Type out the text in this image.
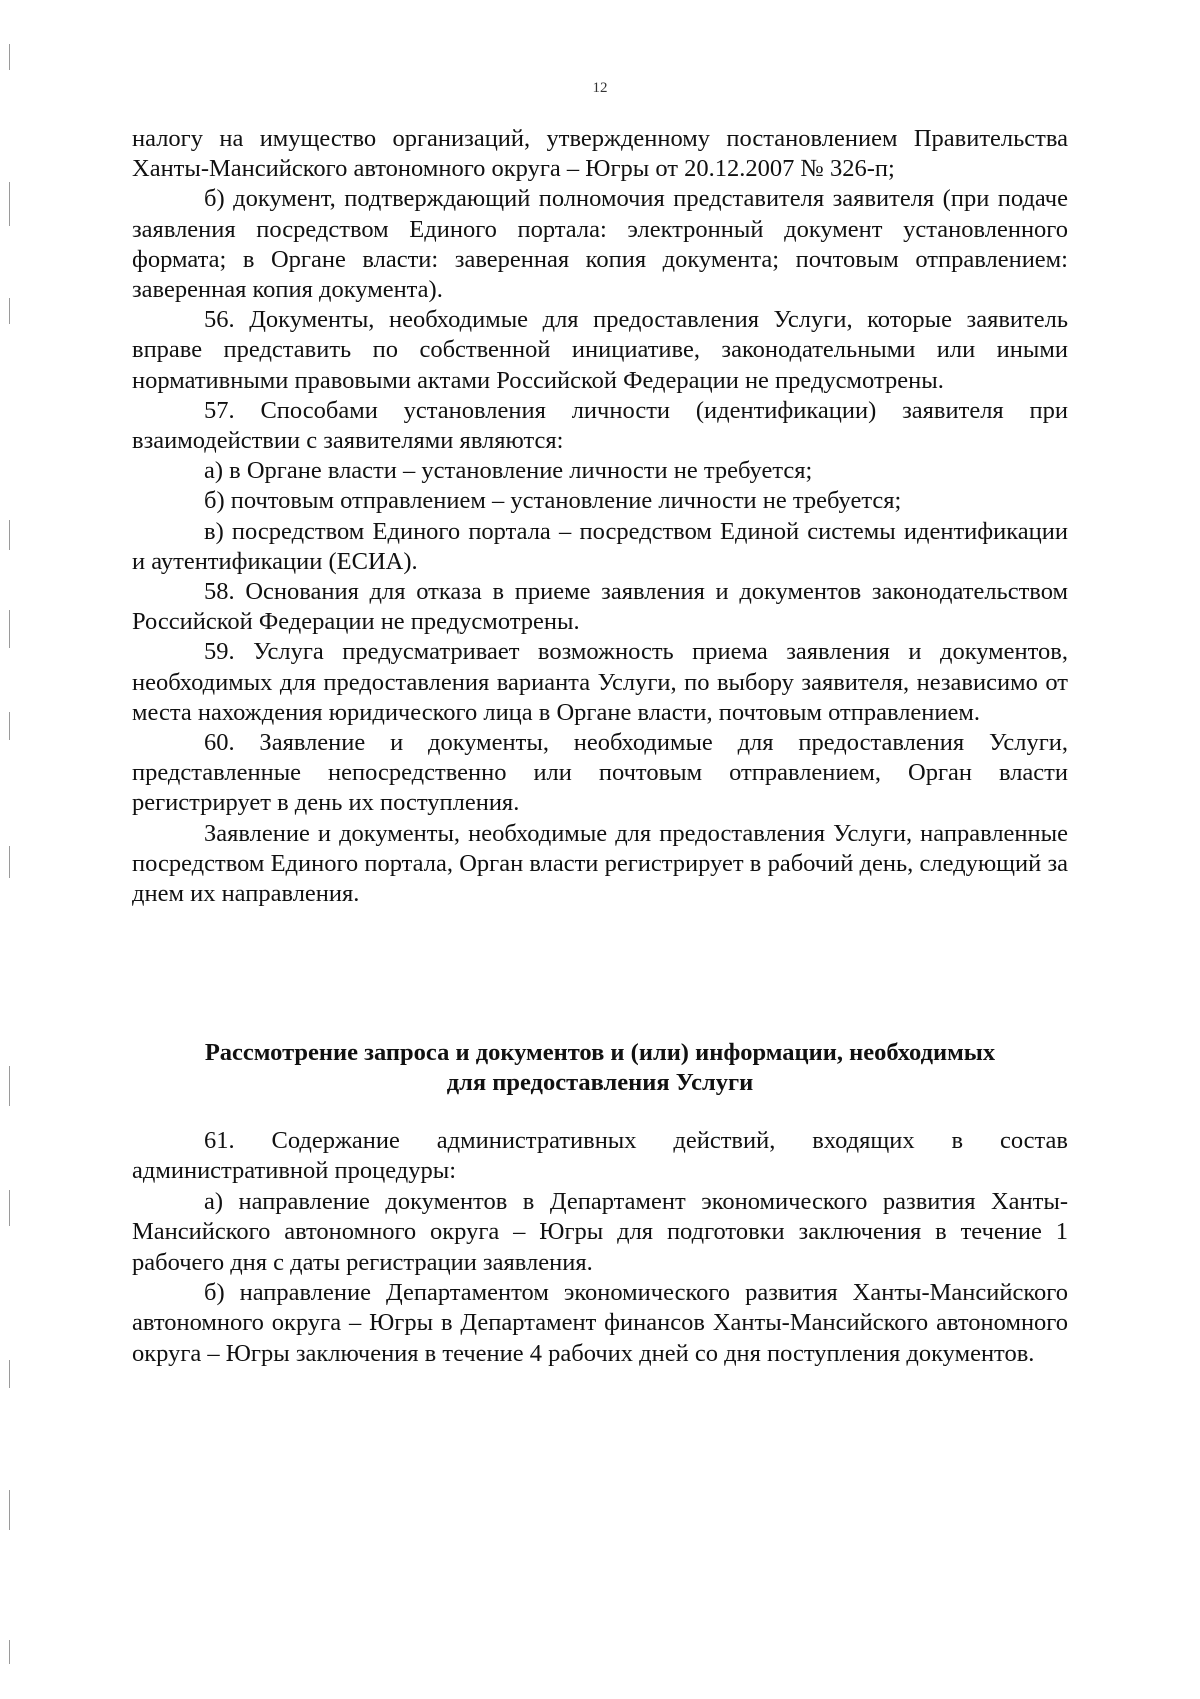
12

налогу на имущество организаций, утвержденному постановлением Правительства Ханты-Мансийского автономного округа – Югры от 20.12.2007 № 326-п;

б) документ, подтверждающий полномочия представителя заявителя (при подаче заявления посредством Единого портала: электронный документ установленного формата; в Органе власти: заверенная копия документа; почтовым отправлением: заверенная копия документа).

56. Документы, необходимые для предоставления Услуги, которые заявитель вправе представить по собственной инициативе, законодательными или иными нормативными правовыми актами Российской Федерации не предусмотрены.

57. Способами установления личности (идентификации) заявителя при взаимодействии с заявителями являются:

а) в Органе власти – установление личности не требуется;

б) почтовым отправлением – установление личности не требуется;

в) посредством Единого портала – посредством Единой системы идентификации и аутентификации (ЕСИА).

58. Основания для отказа в приеме заявления и документов законодательством Российской Федерации не предусмотрены.

59. Услуга предусматривает возможность приема заявления и документов, необходимых для предоставления варианта Услуги, по выбору заявителя, независимо от места нахождения юридического лица в Органе власти, почтовым отправлением.

60. Заявление и документы, необходимые для предоставления Услуги, представленные непосредственно или почтовым отправлением, Орган власти регистрирует в день их поступления.

Заявление и документы, необходимые для предоставления Услуги, направленные посредством Единого портала, Орган власти регистрирует в рабочий день, следующий за днем их направления.

Рассмотрение запроса и документов и (или) информации, необходимых
для предоставления Услуги

61. Содержание административных действий, входящих в состав административной процедуры:

а) направление документов в Департамент экономического развития Ханты-Мансийского автономного округа – Югры для подготовки заключения в течение 1 рабочего дня с даты регистрации заявления.

б) направление Департаментом экономического развития Ханты-Мансийского автономного округа – Югры в Департамент финансов Ханты-Мансийского автономного округа – Югры заключения в течение 4 рабочих дней со дня поступления документов.
